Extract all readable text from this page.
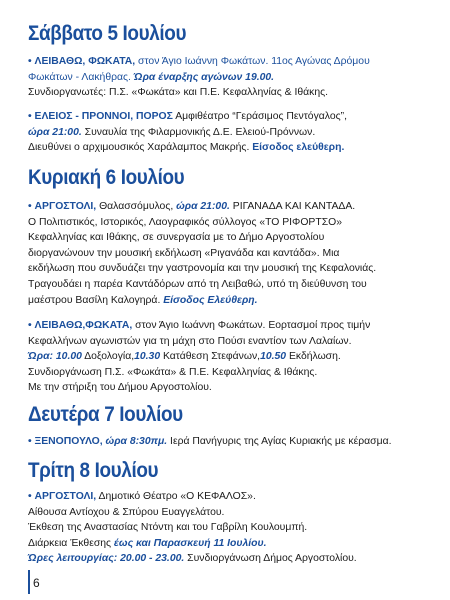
Σάββατο 5 Ιουλίου
• ΛΕΙΒΑΘΩ, ΦΩΚΑΤΑ, στον Άγιο Ιωάννη Φωκάτων. 11ος Αγώνας Δρόμου
Φωκάτων - Λακήθρας. Ώρα έναρξης αγώνων 19.00.
Συνδιοργανωτές: Π.Σ. «Φωκάτα» και Π.Ε. Κεφαλληνίας & Ιθάκης.
• ΕΛΕΙΟΣ - ΠΡΟΝΝΟΙ, ΠΟΡΟΣ Αμφιθέατρο “Γεράσιμος Πεντόγαλος”,
ώρα 21:00. Συναυλία της Φιλαρμονικής Δ.Ε. Ελειού-Πρόννων.
Διευθύνει ο αρχιμουσικός Χαράλαμπος Μακρής. Είσοδος ελεύθερη.
Κυριακή 6 Ιουλίου
• ΑΡΓΟΣΤΟΛΙ, Θαλασσόμυλος, ώρα 21:00. ΡΙΓΑΝΑΔΑ ΚΑΙ ΚΑΝΤΑΔΑ.
Ο Πολιτιστικός, Ιστορικός, Λαογραφικός σύλλογος «ΤΟ ΡΙΦΟΡΤΣΟ»
Κεφαλληνίας και Ιθάκης, σε συνεργασία με το Δήμο Αργοστολίου
διοργανώνουν την μουσική εκδήλωση «Ριγανάδα και καντάδα». Μια
εκδήλωση που συνδυάζει την γαστρονομία και την μουσική της Κεφαλονιάς.
Τραγουδάει η παρέα Καντάδόρων από τη Λειβαθώ, υπό τη διεύθυνση του
μαέστρου Βασίλη Καλογηρά. Είσοδος Ελεύθερη.
• ΛΕΙΒΑΘΩ,ΦΩΚΑΤΑ, στον Άγιο Ιωάννη Φωκάτων. Εορτασμοί προς τιμήν
Κεφαλλήνων αγωνιστών για τη μάχη στο Πούσι εναντίον των Λαλαίων.
Ώρα: 10.00 Δοξολογία,10.30 Κατάθεση Στεφάνων,10.50 Εκδήλωση.
Συνδιοργάνωση Π.Σ. «Φωκάτα» & Π.Ε. Κεφαλληνίας & Ιθάκης.
Με την στήριξη του Δήμου Αργοστολίου.
Δευτέρα 7 Ιουλίου
• ΞΕΝΟΠΟΥΛΟ, ώρα 8:30πμ. Ιερά Πανήγυρις της Αγίας Κυριακής με κέρασμα.
Τρίτη 8 Ιουλίου
• ΑΡΓΟΣΤΟΛΙ, Δημοτικό Θέατρο «Ο ΚΕΦΑΛΟΣ».
Αίθουσα Αντίοχου & Σπύρου Ευαγγελάτου.
Έκθεση της Αναστασίας Ντόντη και του Γαβρίλη Κουλουμπή.
Διάρκεια Έκθεσης έως και Παρασκευή 11 Ιουλίου.
Ώρες λειτουργίας: 20.00 - 23.00. Συνδιοργάνωση Δήμος Αργοστολίου.
6
